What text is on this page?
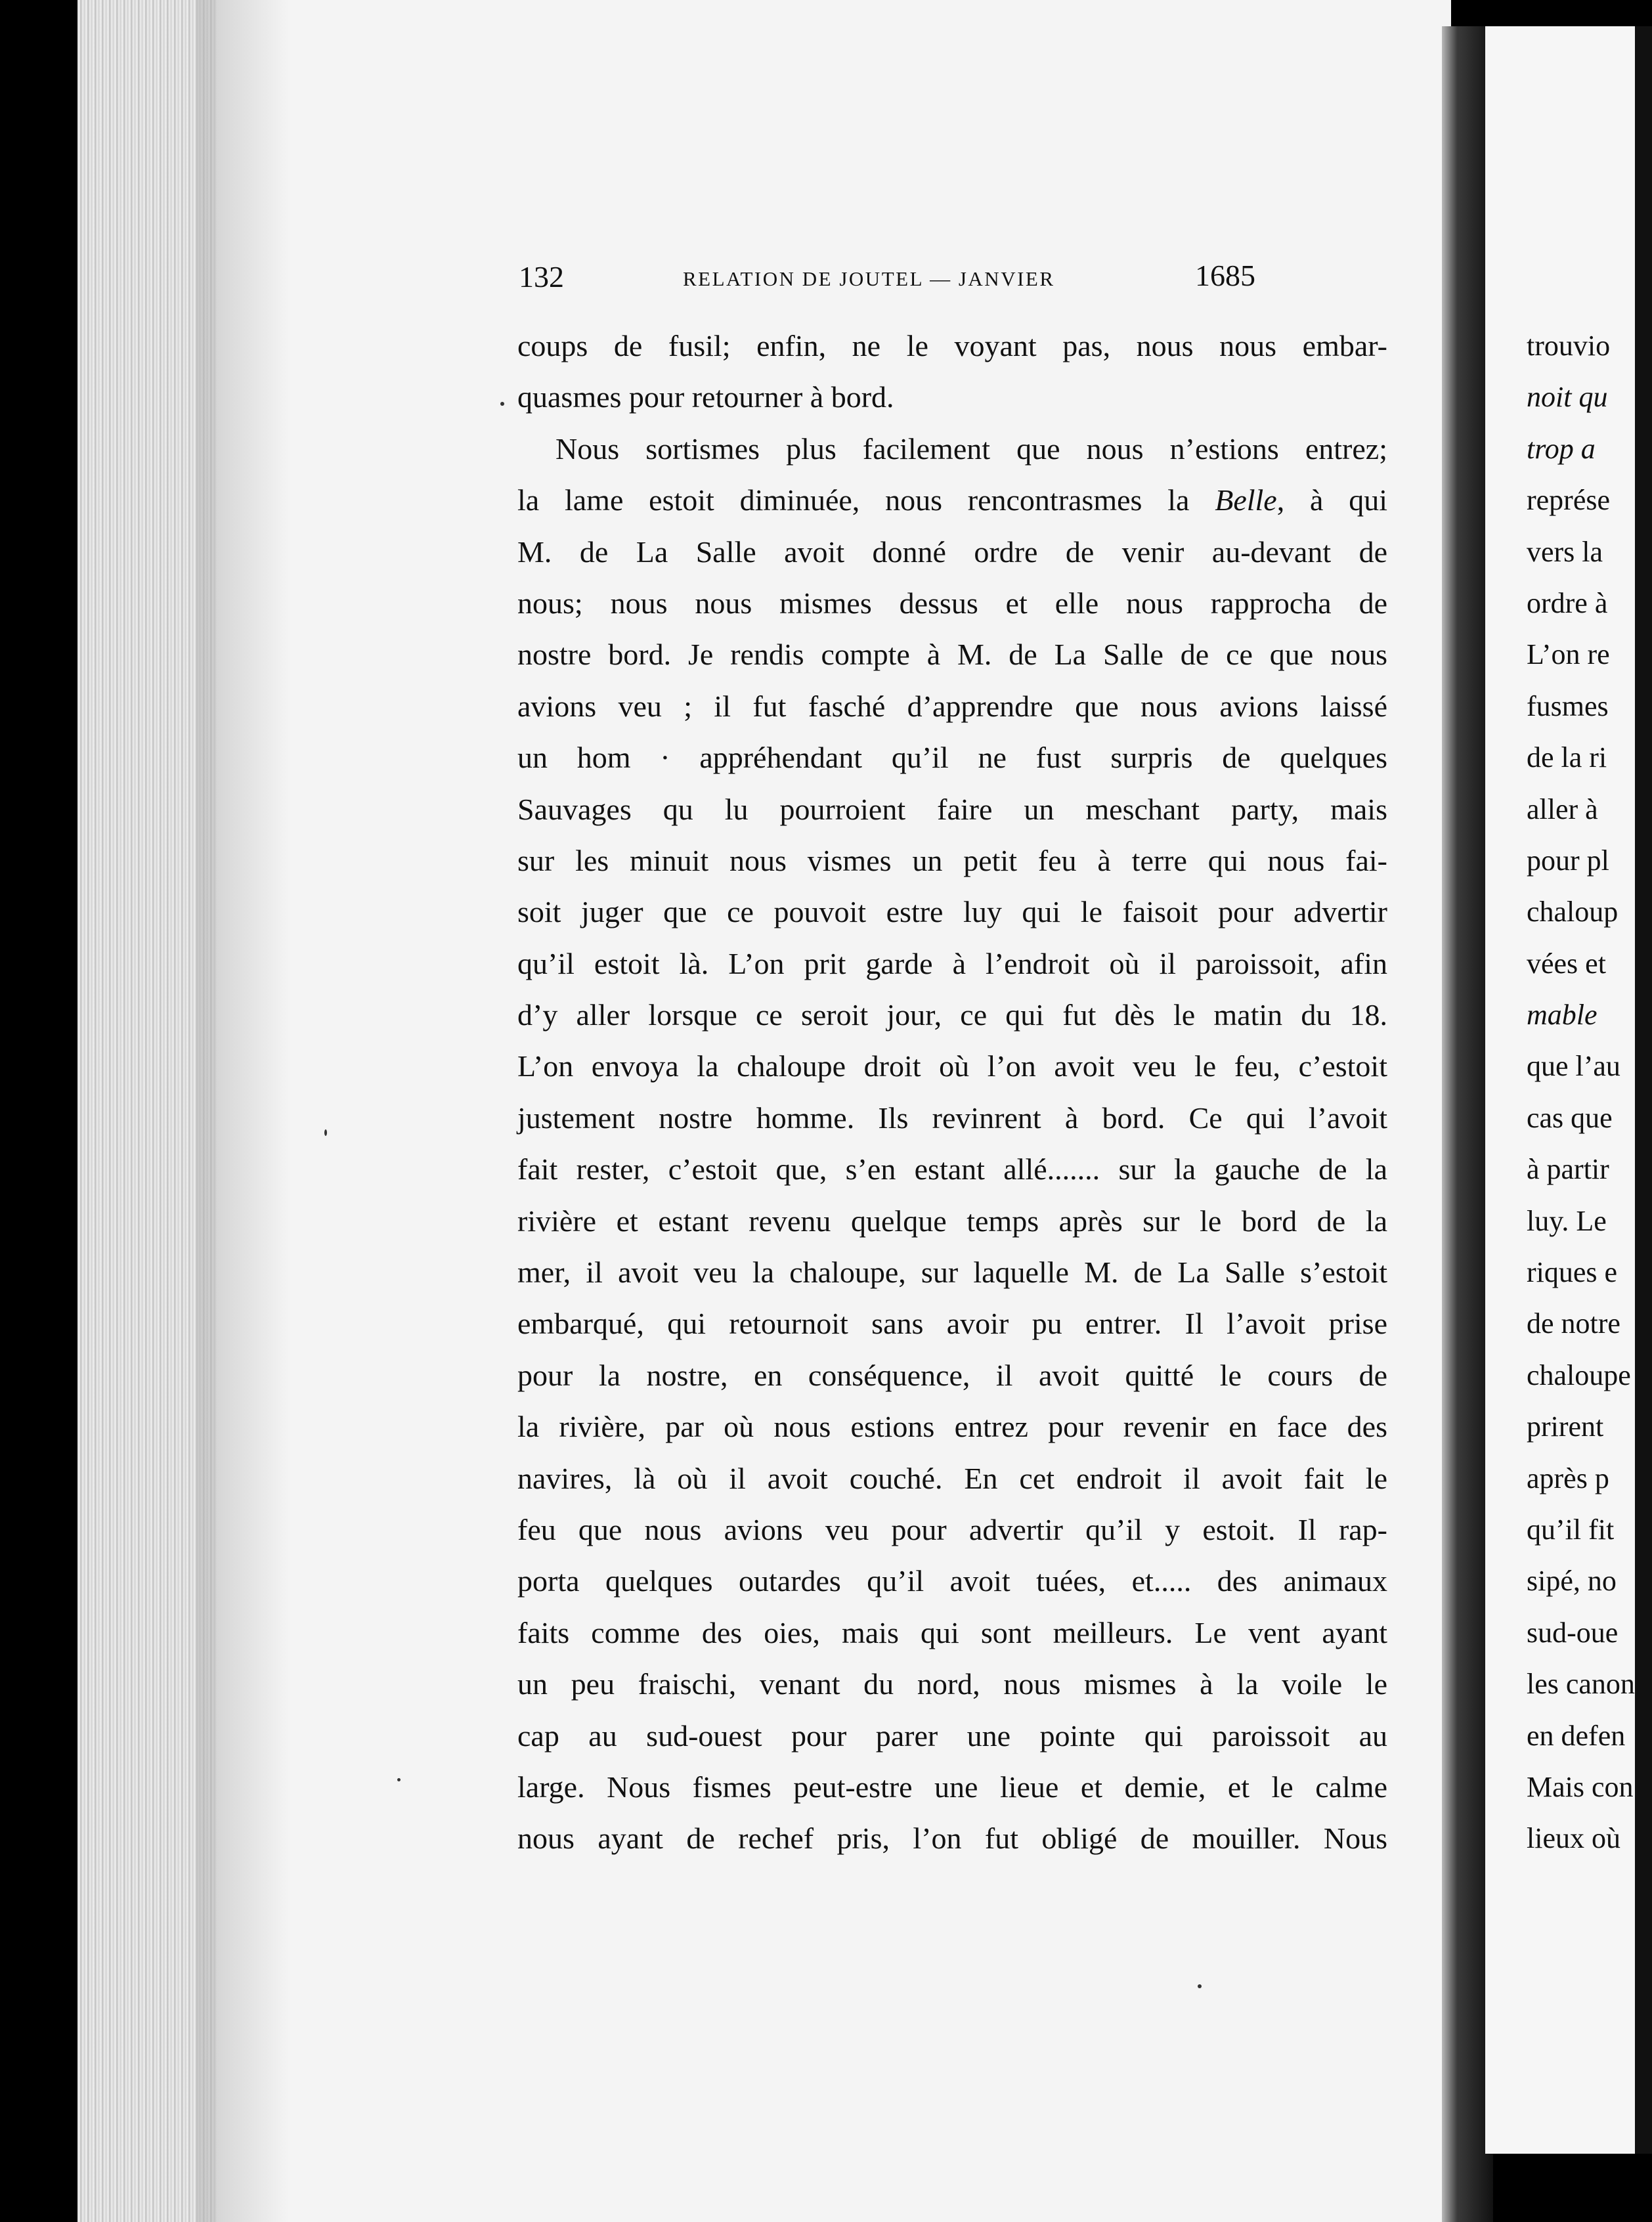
132	RELATION DE JOUTEL — JANVIER	1685
coups de fusil; enfin, ne le voyant pas, nous nous embar-
quasmes pour retourner à bord.
Nous sortismes plus facilement que nous n’estions entrez;
la lame estoit diminuée, nous rencontrasmes la Belle, à qui
M. de La Salle avoit donné ordre de venir au-devant de
nous; nous nous mismes dessus et elle nous rapprocha de
nostre bord. Je rendis compte à M. de La Salle de ce que nous
avions veu ; il fut fasché d’apprendre que nous avions laissé
un hom · appréhendant qu’il ne fust surpris de quelques
Sauvages qu lu pourroient faire un meschant party, mais
sur les minuit nous vismes un petit feu à terre qui nous fai-
soit juger que ce pouvoit estre luy qui le faisoit pour advertir
qu’il estoit là. L’on prit garde à l’endroit où il paroissoit, afin
d’y aller lorsque ce seroit jour, ce qui fut dès le matin du 18.
L’on envoya la chaloupe droit où l’on avoit veu le feu, c’estoit
justement nostre homme. Ils revinrent à bord. Ce qui l’avoit
fait rester, c’estoit que, s’en estant allé....... sur la gauche de la
rivière et estant revenu quelque temps après sur le bord de la
mer, il avoit veu la chaloupe, sur laquelle M. de La Salle s’estoit
embarqué, qui retournoit sans avoir pu entrer. Il l’avoit prise
pour la nostre, en conséquence, il avoit quitté le cours de
la rivière, par où nous estions entrez pour revenir en face des
navires, là où il avoit couché. En cet endroit il avoit fait le
feu que nous avions veu pour advertir qu’il y estoit. Il rap-
porta quelques outardes qu’il avoit tuées, et..... des animaux
faits comme des oies, mais qui sont meilleurs. Le vent ayant
un peu fraischi, venant du nord, nous mismes à la voile le
cap au sud-ouest pour parer une pointe qui paroissoit au
large. Nous fismes peut-estre une lieue et demie, et le calme
nous ayant de rechef pris, l’on fut obligé de mouiller. Nous
trouvio
noit qu
trop a
représe
vers la
ordre à
L’on re
fusmes
de la ri
aller à
pour pl
chaloup
vées et
mable
que l’au
cas que
à partir
luy. Le
riques e
de notre
chaloupe
prirent
après p
qu’il fit
sipé, no
sud-oue
les canon
en defen
Mais con
lieux où
